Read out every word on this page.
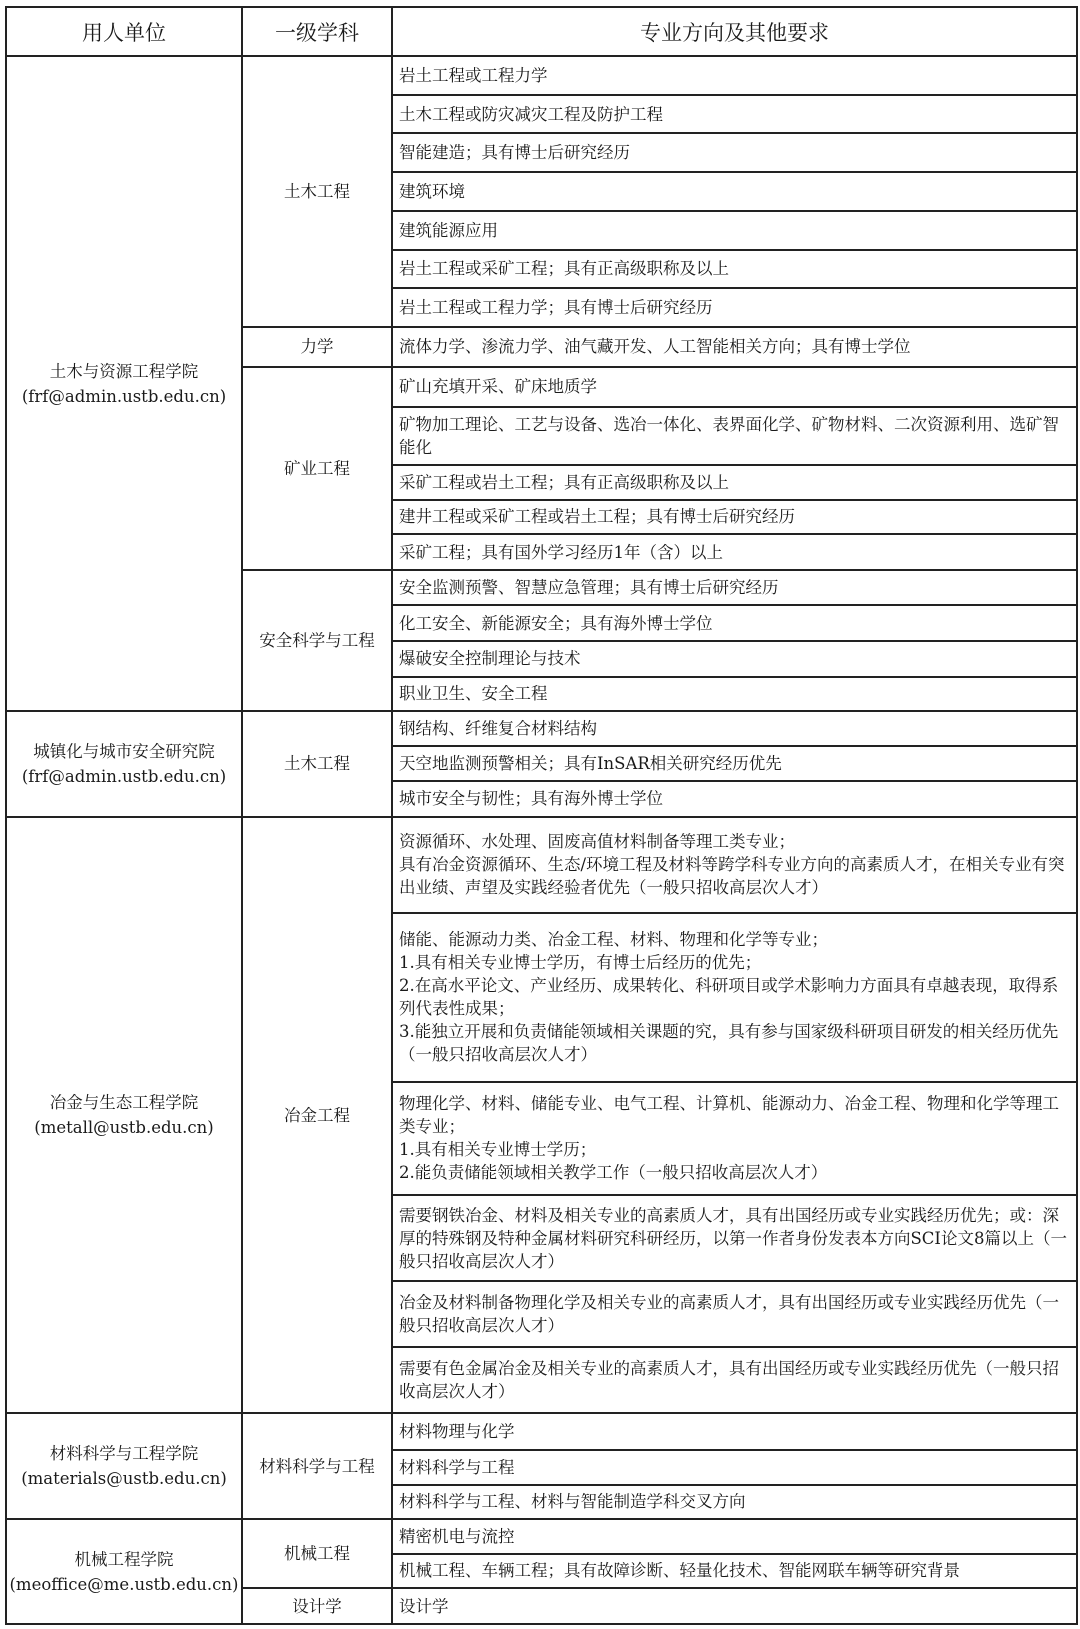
用人单位	一级学科	专业方向及其他要求

土木与资源工程学院
(frf@admin.ustb.edu.cn)	土木工程	岩土工程或工程力学

		土木工程或防灾减灾工程及防护工程

		智能建造；具有博士后研究经历

		建筑环境

		建筑能源应用

		岩土工程或采矿工程；具有正高级职称及以上

		岩土工程或工程力学；具有博士后研究经历

	力学	流体力学、渗流力学、油气藏开发、人工智能相关方向；具有博士学位

	矿业工程	矿山充填开采、矿床地质学

		矿物加工理论、工艺与设备、选冶一体化、表界面化学、矿物材料、二次资源利用、选矿智能化

		采矿工程或岩土工程；具有正高级职称及以上

		建井工程或采矿工程或岩土工程；具有博士后研究经历

		采矿工程；具有国外学习经历1年（含）以上

	安全科学与工程	安全监测预警、智慧应急管理；具有博士后研究经历

		化工安全、新能源安全；具有海外博士学位

		爆破安全控制理论与技术

		职业卫生、安全工程

城镇化与城市安全研究院
(frf@admin.ustb.edu.cn)	土木工程	钢结构、纤维复合材料结构

		天空地监测预警相关；具有InSAR相关研究经历优先

		城市安全与韧性；具有海外博士学位

冶金与生态工程学院
(metall@ustb.edu.cn)	冶金工程	资源循环、水处理、固废高值材料制备等理工类专业；
具有冶金资源循环、生态/环境工程及材料等跨学科专业方向的高素质人才，在相关专业有突出业绩、声望及实践经验者优先（一般只招收高层次人才）

		储能、能源动力类、冶金工程、材料、物理和化学等专业；
1.具有相关专业博士学历，有博士后经历的优先；
2.在高水平论文、产业经历、成果转化、科研项目或学术影响力方面具有卓越表现，取得系列代表性成果；
3.能独立开展和负责储能领域相关课题的究，具有参与国家级科研项目研发的相关经历优先（一般只招收高层次人才）

		物理化学、材料、储能专业、电气工程、计算机、能源动力、冶金工程、物理和化学等理工类专业；
1.具有相关专业博士学历；
2.能负责储能领域相关教学工作（一般只招收高层次人才）

		需要钢铁冶金、材料及相关专业的高素质人才，具有出国经历或专业实践经历优先；或：深厚的特殊钢及特种金属材料研究科研经历，以第一作者身份发表本方向SCI论文8篇以上（一般只招收高层次人才）

		冶金及材料制备物理化学及相关专业的高素质人才，具有出国经历或专业实践经历优先（一般只招收高层次人才）

		需要有色金属冶金及相关专业的高素质人才，具有出国经历或专业实践经历优先（一般只招收高层次人才）

材料科学与工程学院
(materials@ustb.edu.cn)	材料科学与工程	材料物理与化学

		材料科学与工程

		材料科学与工程、材料与智能制造学科交叉方向

机械工程学院
(meoffice@me.ustb.edu.cn)	机械工程	精密机电与流控

		机械工程、车辆工程；具有故障诊断、轻量化技术、智能网联车辆等研究背景

	设计学	设计学
